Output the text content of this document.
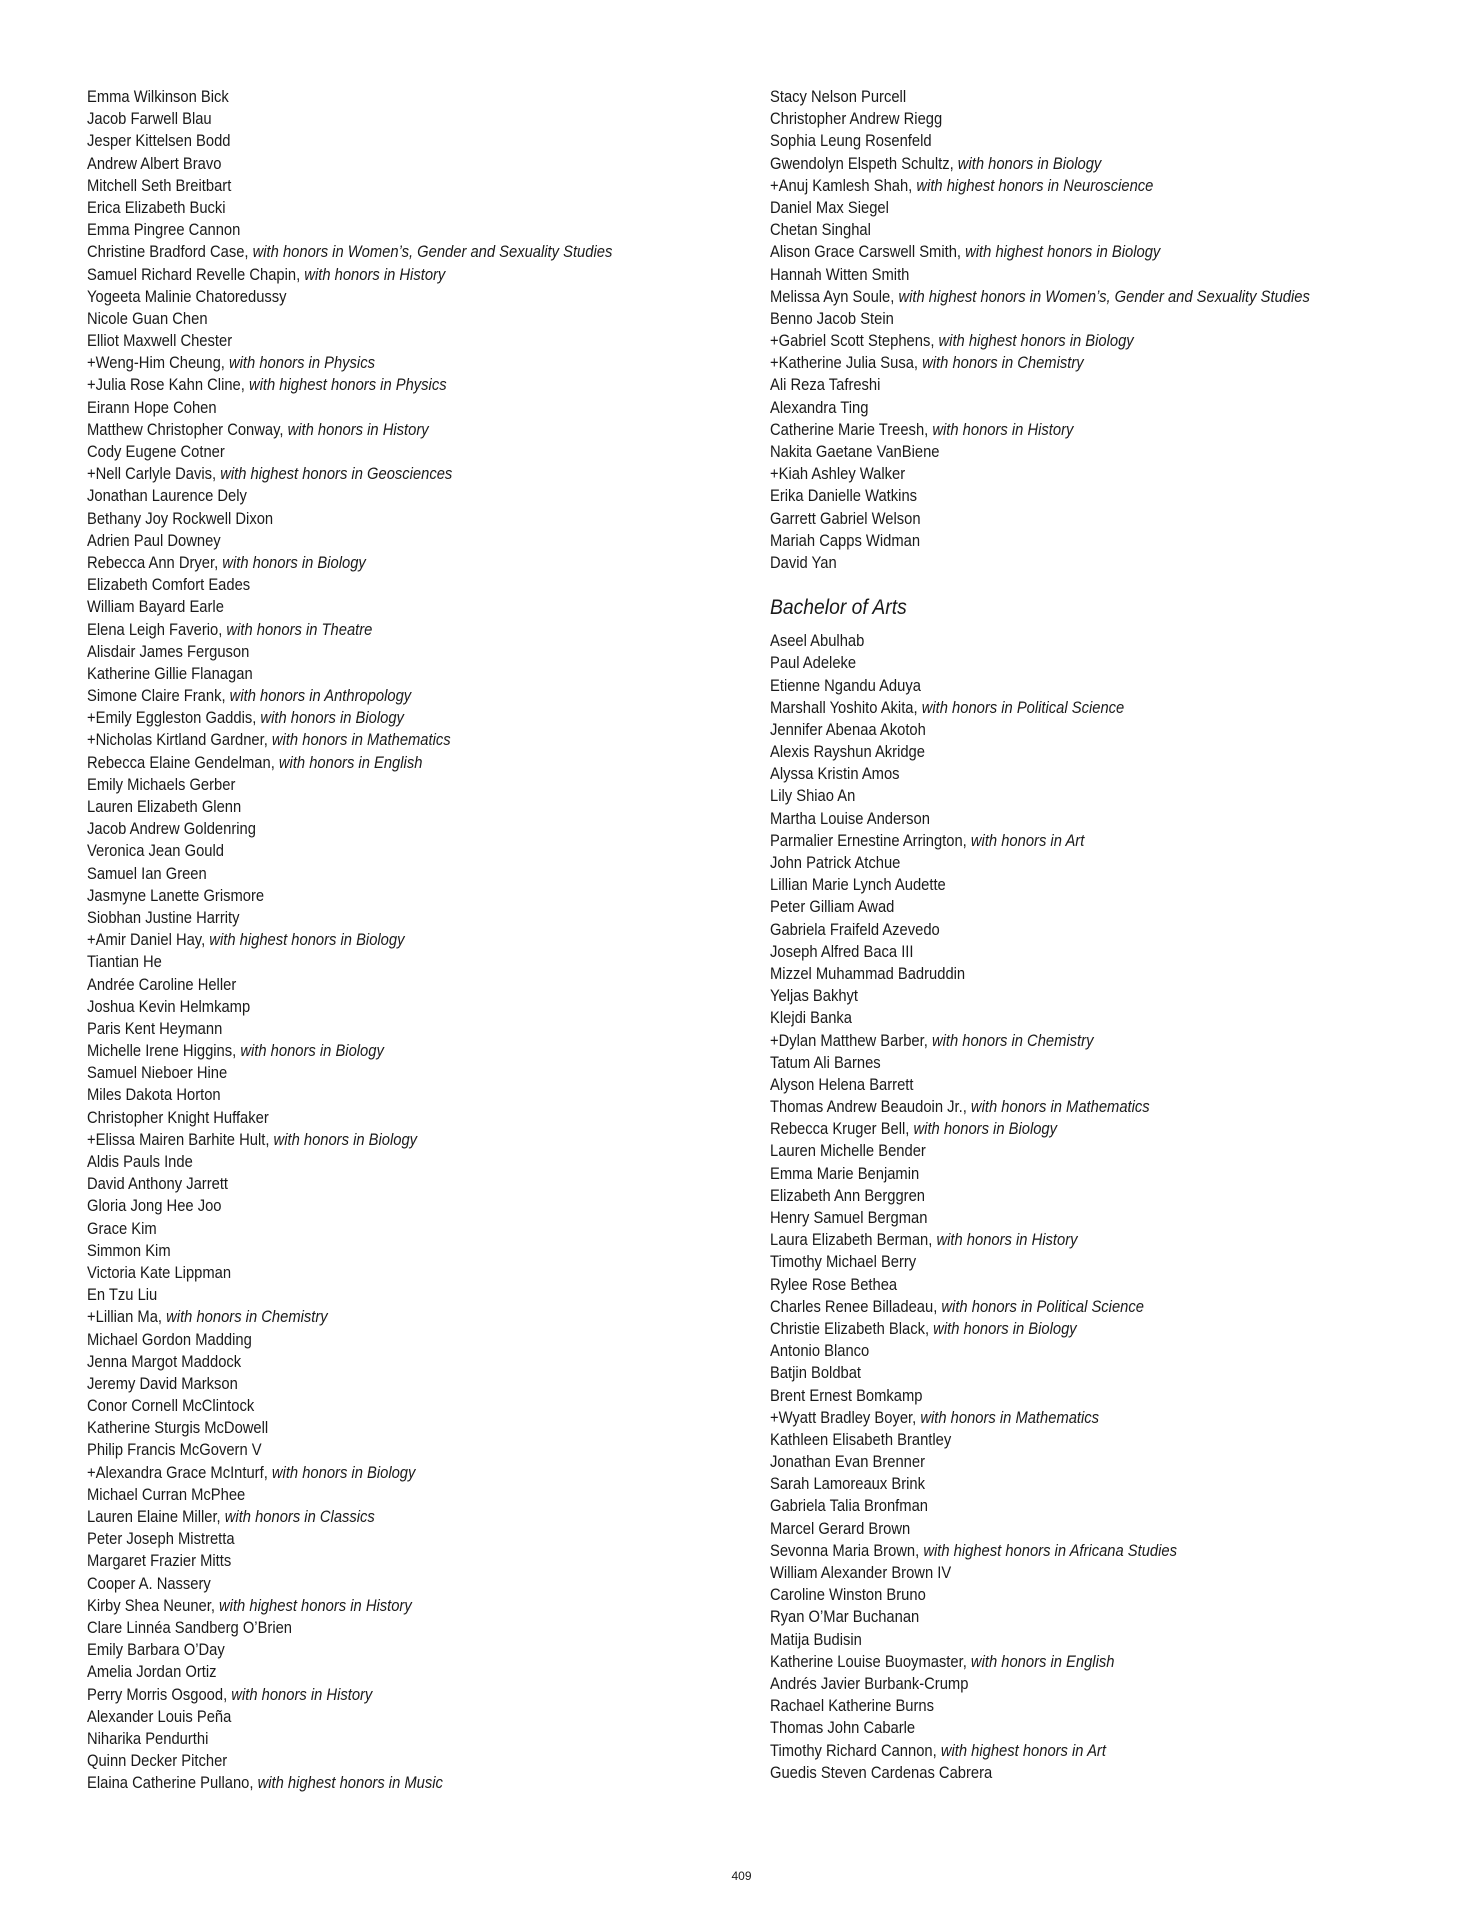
Emma Wilkinson Bick
Jacob Farwell Blau
Jesper Kittelsen Bodd
Andrew Albert Bravo
Mitchell Seth Breitbart
Erica Elizabeth Bucki
Emma Pingree Cannon
Christine Bradford Case, with honors in Women’s, Gender and Sexuality Studies
Samuel Richard Revelle Chapin, with honors in History
Yogeeta Malinie Chatoredussy
Nicole Guan Chen
Elliot Maxwell Chester
+Weng-Him Cheung, with honors in Physics
+Julia Rose Kahn Cline, with highest honors in Physics
Eirann Hope Cohen
Matthew Christopher Conway, with honors in History
Cody Eugene Cotner
+Nell Carlyle Davis, with highest honors in Geosciences
Jonathan Laurence Dely
Bethany Joy Rockwell Dixon
Adrien Paul Downey
Rebecca Ann Dryer, with honors in Biology
Elizabeth Comfort Eades
William Bayard Earle
Elena Leigh Faverio, with honors in Theatre
Alisdair James Ferguson
Katherine Gillie Flanagan
Simone Claire Frank, with honors in Anthropology
+Emily Eggleston Gaddis, with honors in Biology
+Nicholas Kirtland Gardner, with honors in Mathematics
Rebecca Elaine Gendelman, with honors in English
Emily Michaels Gerber
Lauren Elizabeth Glenn
Jacob Andrew Goldenring
Veronica Jean Gould
Samuel Ian Green
Jasmyne Lanette Grismore
Siobhan Justine Harrity
+Amir Daniel Hay, with highest honors in Biology
Tiantian He
Andrée Caroline Heller
Joshua Kevin Helmkamp
Paris Kent Heymann
Michelle Irene Higgins, with honors in Biology
Samuel Nieboer Hine
Miles Dakota Horton
Christopher Knight Huffaker
+Elissa Mairen Barhite Hult, with honors in Biology
Aldis Pauls Inde
David Anthony Jarrett
Gloria Jong Hee Joo
Grace Kim
Simmon Kim
Victoria Kate Lippman
En Tzu Liu
+Lillian Ma, with honors in Chemistry
Michael Gordon Madding
Jenna Margot Maddock
Jeremy David Markson
Conor Cornell McClintock
Katherine Sturgis McDowell
Philip Francis McGovern V
+Alexandra Grace McInturf, with honors in Biology
Michael Curran McPhee
Lauren Elaine Miller, with honors in Classics
Peter Joseph Mistretta
Margaret Frazier Mitts
Cooper A. Nassery
Kirby Shea Neuner, with highest honors in History
Clare Linnéa Sandberg O’Brien
Emily Barbara O’Day
Amelia Jordan Ortiz
Perry Morris Osgood, with honors in History
Alexander Louis Peña
Niharika Pendurthi
Quinn Decker Pitcher
Elaina Catherine Pullano, with highest honors in Music
Stacy Nelson Purcell
Christopher Andrew Riegg
Sophia Leung Rosenfeld
Gwendolyn Elspeth Schultz, with honors in Biology
+Anuj Kamlesh Shah, with highest honors in Neuroscience
Daniel Max Siegel
Chetan Singhal
Alison Grace Carswell Smith, with highest honors in Biology
Hannah Witten Smith
Melissa Ayn Soule, with highest honors in Women’s, Gender and Sexuality Studies
Benno Jacob Stein
+Gabriel Scott Stephens, with highest honors in Biology
+Katherine Julia Susa, with honors in Chemistry
Ali Reza Tafreshi
Alexandra Ting
Catherine Marie Treesh, with honors in History
Nakita Gaetane VanBiene
+Kiah Ashley Walker
Erika Danielle Watkins
Garrett Gabriel Welson
Mariah Capps Widman
David Yan
Bachelor of Arts
Aseel Abulhab
Paul Adeleke
Etienne Ngandu Aduya
Marshall Yoshito Akita, with honors in Political Science
Jennifer Abenaa Akotoh
Alexis Rayshun Akridge
Alyssa Kristin Amos
Lily Shiao An
Martha Louise Anderson
Parmalier Ernestine Arrington, with honors in Art
John Patrick Atchue
Lillian Marie Lynch Audette
Peter Gilliam Awad
Gabriela Fraifeld Azevedo
Joseph Alfred Baca III
Mizzel Muhammad Badruddin
Yeljas Bakhyt
Klejdi Banka
+Dylan Matthew Barber, with honors in Chemistry
Tatum Ali Barnes
Alyson Helena Barrett
Thomas Andrew Beaudoin Jr., with honors in Mathematics
Rebecca Kruger Bell, with honors in Biology
Lauren Michelle Bender
Emma Marie Benjamin
Elizabeth Ann Berggren
Henry Samuel Bergman
Laura Elizabeth Berman, with honors in History
Timothy Michael Berry
Rylee Rose Bethea
Charles Renee Billadeau, with honors in Political Science
Christie Elizabeth Black, with honors in Biology
Antonio Blanco
Batjin Boldbat
Brent Ernest Bomkamp
+Wyatt Bradley Boyer, with honors in Mathematics
Kathleen Elisabeth Brantley
Jonathan Evan Brenner
Sarah Lamoreaux Brink
Gabriela Talia Bronfman
Marcel Gerard Brown
Sevonna Maria Brown, with highest honors in Africana Studies
William Alexander Brown IV
Caroline Winston Bruno
Ryan O’Mar Buchanan
Matija Budisin
Katherine Louise Buoymaster, with honors in English
Andrés Javier Burbank-Crump
Rachael Katherine Burns
Thomas John Cabarle
Timothy Richard Cannon, with highest honors in Art
Guedis Steven Cardenas Cabrera
409
